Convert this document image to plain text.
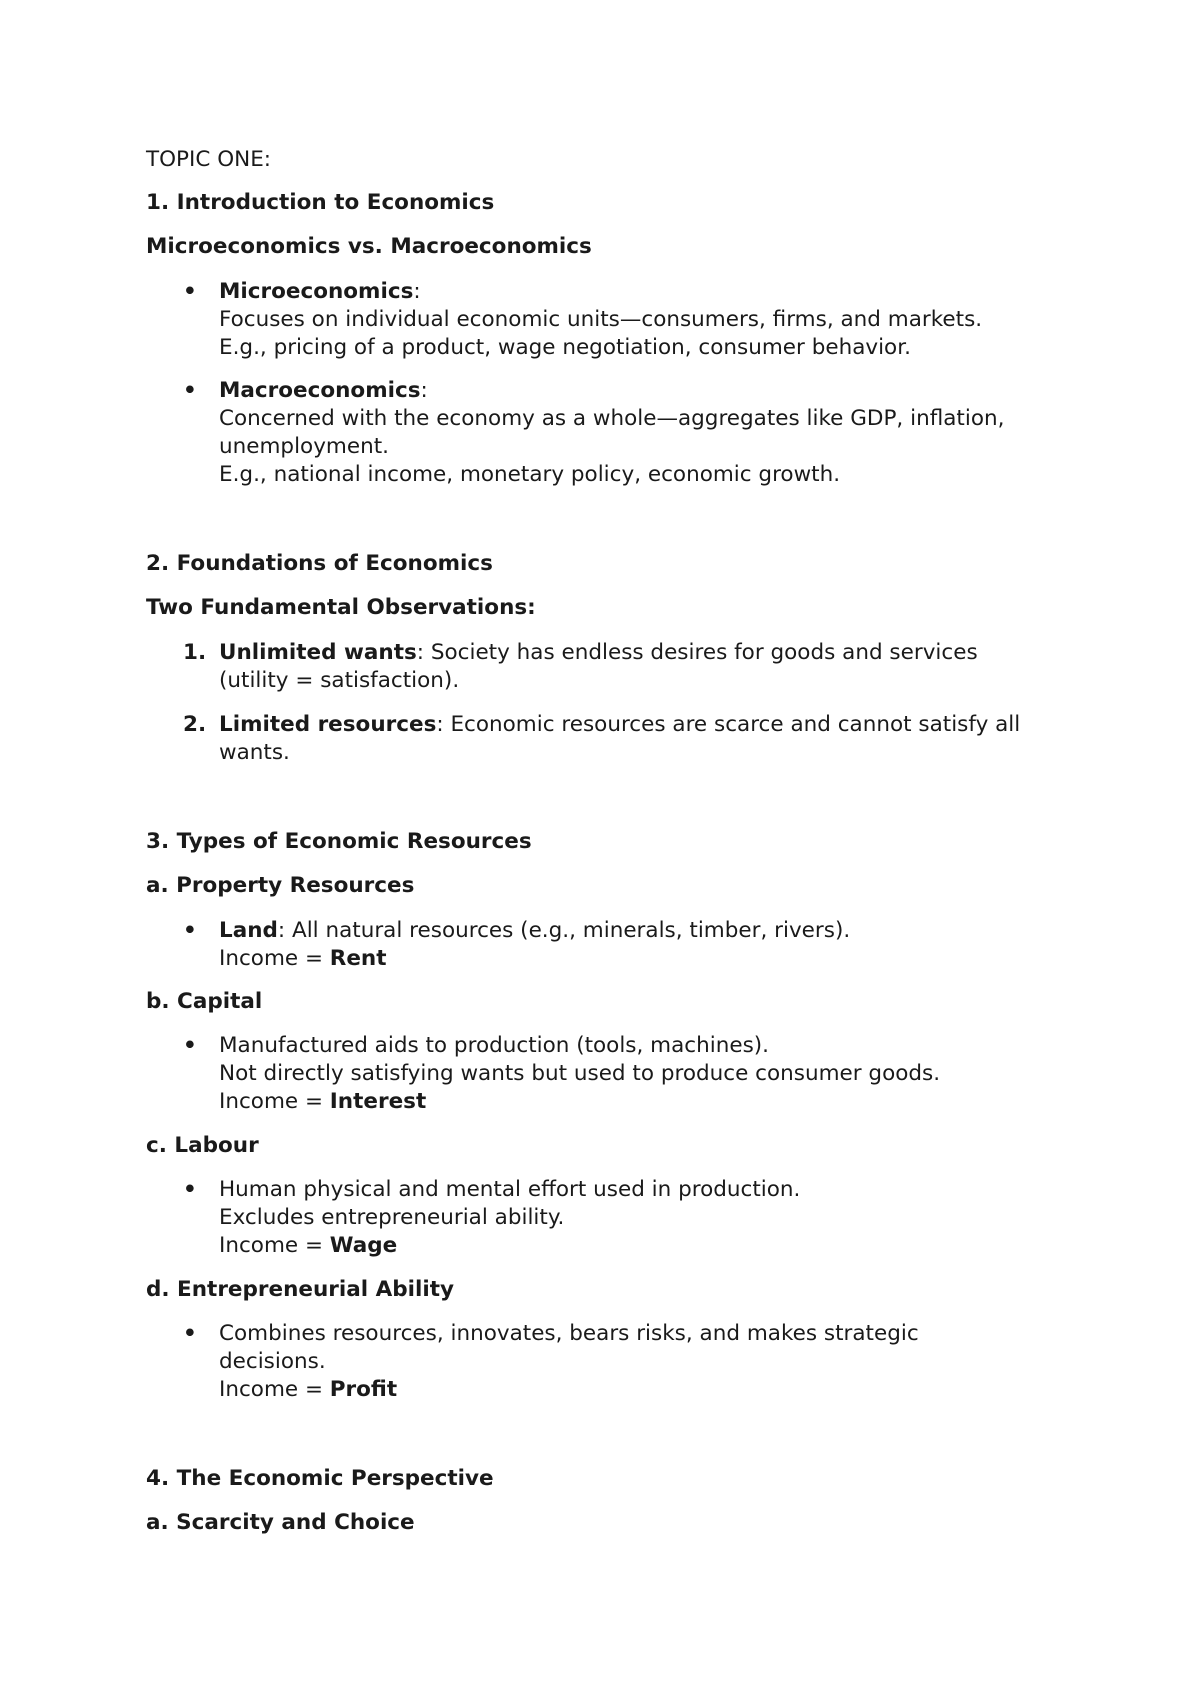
TOPIC ONE:
1. Introduction to Economics
Microeconomics vs. Macroeconomics
• Microeconomics:
Focuses on individual economic units—consumers, firms, and markets.
E.g., pricing of a product, wage negotiation, consumer behavior.
• Macroeconomics:
Concerned with the economy as a whole—aggregates like GDP, inflation,
unemployment.
E.g., national income, monetary policy, economic growth.
2. Foundations of Economics
Two Fundamental Observations:
1. Unlimited wants: Society has endless desires for goods and services
(utility = satisfaction).
2. Limited resources: Economic resources are scarce and cannot satisfy all
wants.
3. Types of Economic Resources
a. Property Resources
• Land: All natural resources (e.g., minerals, timber, rivers).
Income = Rent
b. Capital
• Manufactured aids to production (tools, machines).
Not directly satisfying wants but used to produce consumer goods.
Income = Interest
c. Labour
• Human physical and mental effort used in production.
Excludes entrepreneurial ability.
Income = Wage
d. Entrepreneurial Ability
• Combines resources, innovates, bears risks, and makes strategic
decisions.
Income = Profit
4. The Economic Perspective
a. Scarcity and Choice
